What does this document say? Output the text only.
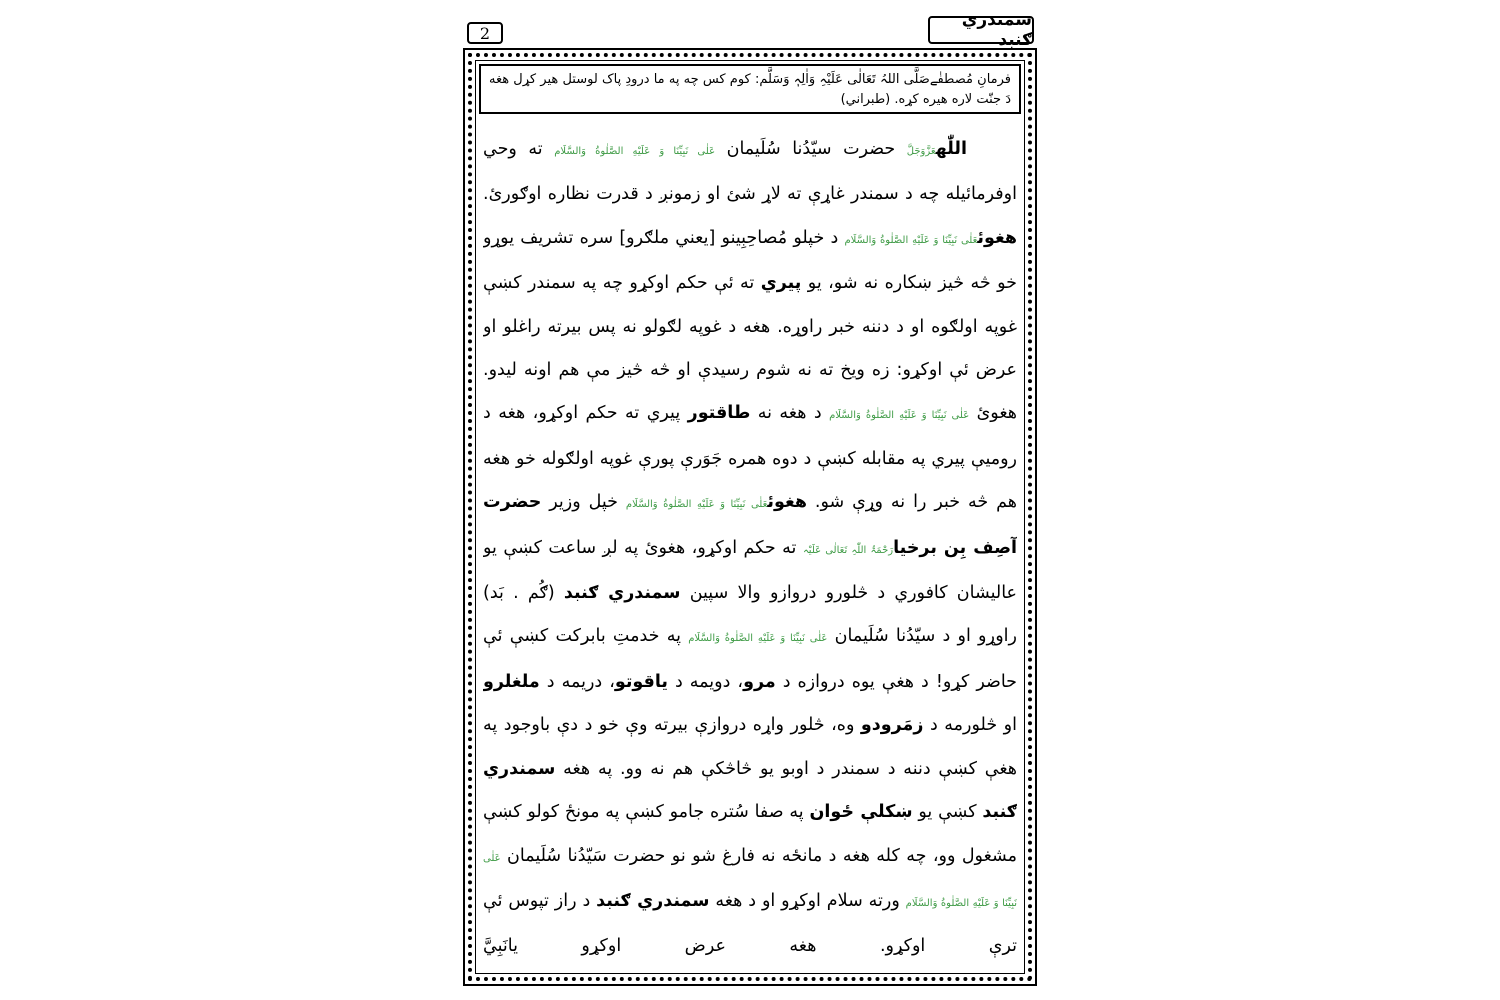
سمندري ګنبد
2
فرمانِ مُصطفٰےصَلَّی اللہُ تَعَالٰی عَلَيْہِ وَاٰلِہٖ وَسَلَّم: کوم کس چه په ما درودِ پاک لوستل هير کړل هغه دَ جنّت لاره هيره کړه. (طبراني)

اللّٰهعَزَّوَجَلَّ حضرت سيّدُنا سُلَيمان عَلٰی نَبِيِّنَا وَ عَلَيْهِ الصَّلٰوةُ وَالسَّلَام ته وحي اوفرمائيله چه د سمندر غاړې ته لاړ شئ او زمونږ د قدرت نظاره اوګورئ. هغوئعَلٰی نَبِيِّنَا وَ عَلَيْهِ الصَّلٰوةُ وَالسَّلَام د خپلو مُصاحِبِينو [يعني ملګرو] سره تشريف يوړو خو څه څيز ښکاره نه شو، يو پيري ته ئې حکم اوکړو چه په سمندر کښې غوپه اولګوه او د دننه خبر راوړه. هغه د غوپه لګولو نه پس بيرته راغلو او عرض ئې اوکړو: زه ويخ ته نه شوم رسيدې او څه څيز مې هم اونه ليدو. هغوئ عَلٰی نَبِيِّنَا وَ عَلَيْهِ الصَّلٰوةُ وَالسَّلَام د هغه نه طاقتور پيري ته حکم اوکړو، هغه د روميې پيري په مقابله کښې د دوه همره جَوَرې پورې غوپه اولګوله خو هغه هم څه خبر را نه وړې شو. هغوئعَلٰی نَبِيِّنَا وَ عَلَيْهِ الصَّلٰوةُ وَالسَّلَام خپل وزير حضرت آصِف بِن برخيارَحْمَۃُ اللّٰہِ تَعَالٰی عَلَیْہ ته حکم اوکړو، هغوئ په لږ ساعت کښې يو عاليشان کافوري د څلورو دروازو والا سپين سمندري ګنبد (ګُم . بَد) راوړو او د سيّدُنا سُلَيمان عَلٰی نَبِيِّنَا وَ عَلَيْهِ الصَّلٰوةُ وَالسَّلَام په خدمتِ بابرکت کښې ئې حاضر کړو! د هغې يوه دروازه د مرو، دويمه د ياقوتو، دريمه د ملغلرو او څلورمه د زمَرودو وه، څلور واړه دروازې بيرته وې خو د دې باوجود په هغې کښې دننه د سمندر د اوبو يو څاڅکې هم نه وو. په هغه سمندري ګنبد کښې يو ښکلې ځوان په صفا سُتره جامو کښې په مونځ کولو کښې مشغول وو، چه کله هغه د مانځه نه فارغ شو نو حضرت سَيّدُنا سُلَيمان عَلٰی نَبِيِّنَا وَ عَلَيْهِ الصَّلٰوةُ وَالسَّلَام ورته سلام اوکړو او د هغه سمندري ګنبد د راز تپوس ئې ترې اوکړو. هغه عرض اوکړو يانَبِيَّ
